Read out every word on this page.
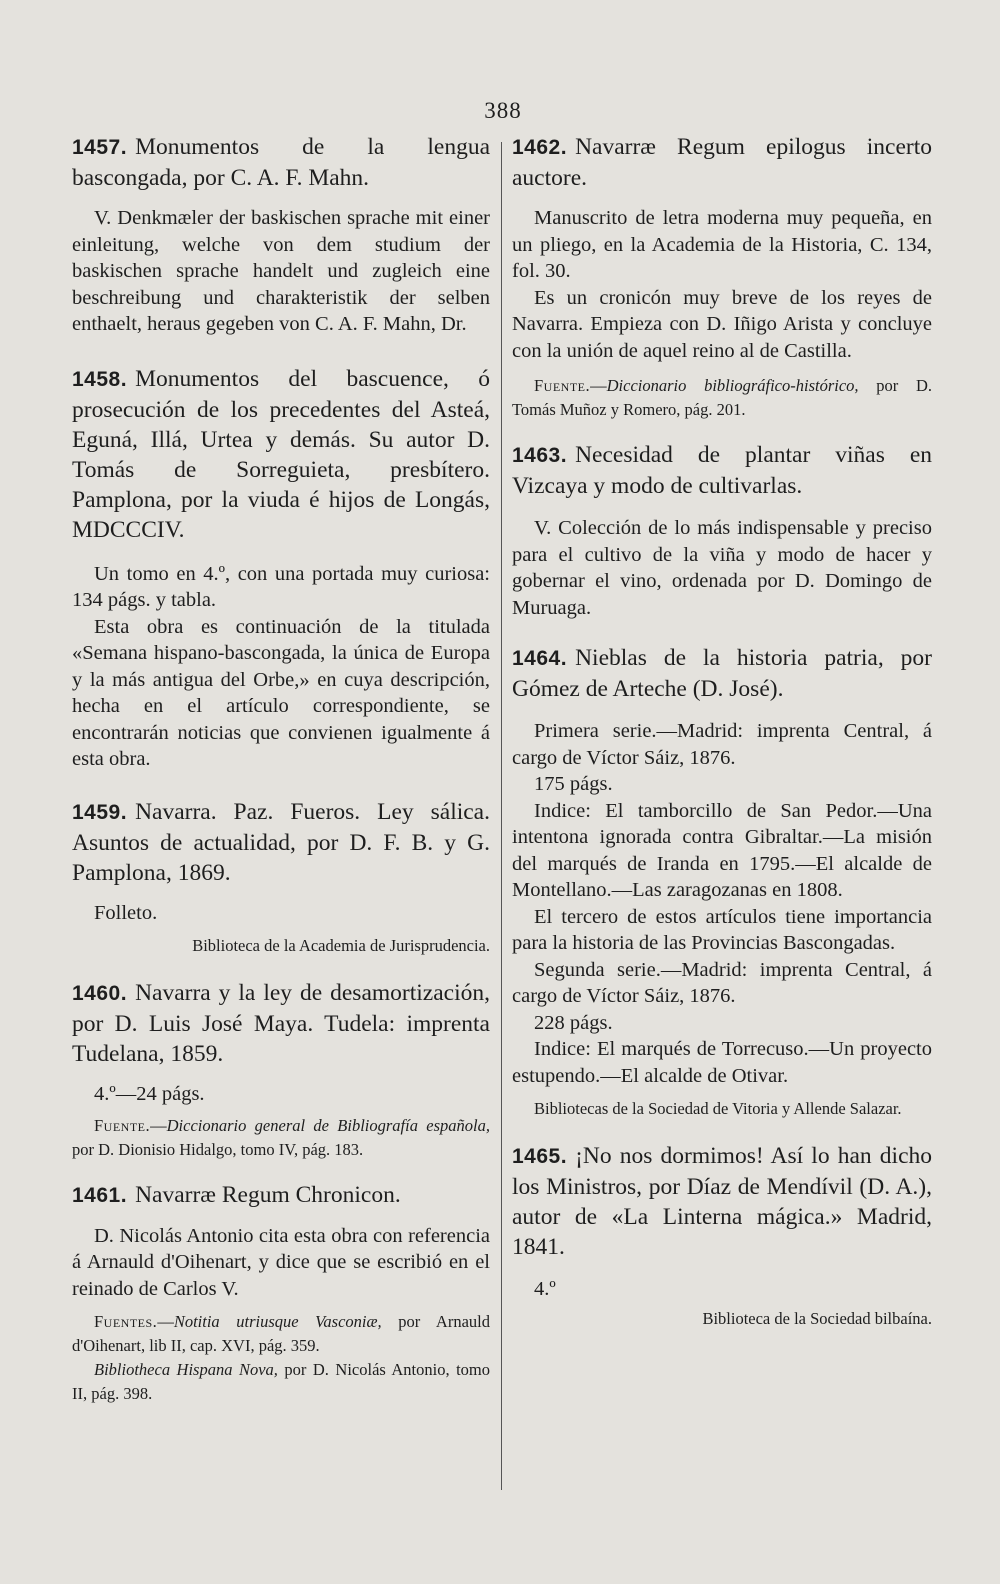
388

1457. Monumentos de la lengua bascongada, por C. A. F. Mahn.

V. Denkmæler der baskischen sprache mit einer einleitung, welche von dem studium der baskischen sprache handelt und zugleich eine beschreibung und charakteristik der selben enthaelt, heraus gegeben von C. A. F. Mahn, Dr.

1458. Monumentos del bascuence, ó prosecución de los precedentes del Asteá, Eguná, Illá, Urtea y demás. Su autor D. Tomás de Sorreguieta, presbítero. Pamplona, por la viuda é hijos de Longás, MDCCCIV.

Un tomo en 4.º, con una portada muy curiosa: 134 págs. y tabla.

Esta obra es continuación de la titulada «Semana hispano-bascongada, la única de Europa y la más antigua del Orbe,» en cuya descripción, hecha en el artículo correspondiente, se encontrarán noticias que convienen igualmente á esta obra.

1459. Navarra. Paz. Fueros. Ley sálica. Asuntos de actualidad, por D. F. B. y G. Pamplona, 1869.

Folleto.

Biblioteca de la Academia de Jurisprudencia.

1460. Navarra y la ley de desamortización, por D. Luis José Maya. Tudela: imprenta Tudelana, 1859.

4.º—24 págs.

Fuente.—Diccionario general de Bibliografía española, por D. Dionisio Hidalgo, tomo IV, pág. 183.

1461. Navarræ Regum Chronicon.

D. Nicolás Antonio cita esta obra con referencia á Arnauld d'Oihenart, y dice que se escribió en el reinado de Carlos V.

Fuentes.—Notitia utriusque Vasconiæ, por Arnauld d'Oihenart, lib II, cap. XVI, pág. 359.

Bibliotheca Hispana Nova, por D. Nicolás Antonio, tomo II, pág. 398.

1462. Navarræ Regum epilogus incerto auctore.

Manuscrito de letra moderna muy pequeña, en un pliego, en la Academia de la Historia, C. 134, fol. 30.

Es un cronicón muy breve de los reyes de Navarra. Empieza con D. Iñigo Arista y concluye con la unión de aquel reino al de Castilla.

Fuente.—Diccionario bibliográfico-histórico, por D. Tomás Muñoz y Romero, pág. 201.

1463. Necesidad de plantar viñas en Vizcaya y modo de cultivarlas.

V. Colección de lo más indispensable y preciso para el cultivo de la viña y modo de hacer y gobernar el vino, ordenada por D. Domingo de Muruaga.

1464. Nieblas de la historia patria, por Gómez de Arteche (D. José).

Primera serie.—Madrid: imprenta Central, á cargo de Víctor Sáiz, 1876.

175 págs.

Indice: El tamborcillo de San Pedor.—Una intentona ignorada contra Gibraltar.—La misión del marqués de Iranda en 1795.—El alcalde de Montellano.—Las zaragozanas en 1808.

El tercero de estos artículos tiene importancia para la historia de las Provincias Bascongadas.

Segunda serie.—Madrid: imprenta Central, á cargo de Víctor Sáiz, 1876.

228 págs.

Indice: El marqués de Torrecuso.—Un proyecto estupendo.—El alcalde de Otivar.

Bibliotecas de la Sociedad de Vitoria y Allende Salazar.

1465. ¡No nos dormimos! Así lo han dicho los Ministros, por Díaz de Mendívil (D. A.), autor de «La Linterna mágica.» Madrid, 1841.

4.º

Biblioteca de la Sociedad bilbaína.
